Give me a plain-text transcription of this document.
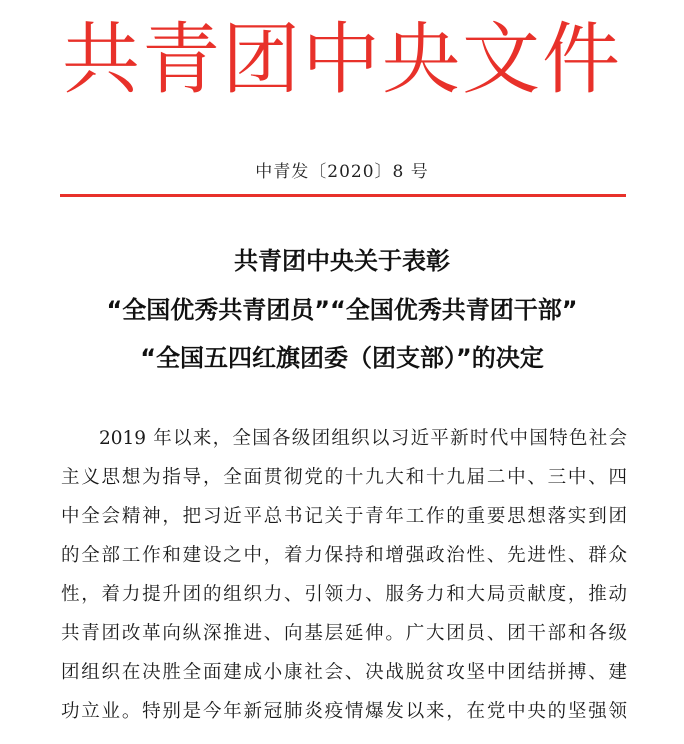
共青团中央文件
中青发〔2020〕8 号
共青团中央关于表彰
“全国优秀共青团员”“全国优秀共青团干部”
“全国五四红旗团委（团支部）”的决定
2019 年以来，全国各级团组织以习近平新时代中国特色社会
主义思想为指导，全面贯彻党的十九大和十九届二中、三中、四
中全会精神，把习近平总书记关于青年工作的重要思想落实到团
的全部工作和建设之中，着力保持和增强政治性、先进性、群众
性，着力提升团的组织力、引领力、服务力和大局贡献度，推动
共青团改革向纵深推进、向基层延伸。广大团员、团干部和各级
团组织在决胜全面建成小康社会、决战脱贫攻坚中团结拼搏、建
功立业。特别是今年新冠肺炎疫情爆发以来，在党中央的坚强领
